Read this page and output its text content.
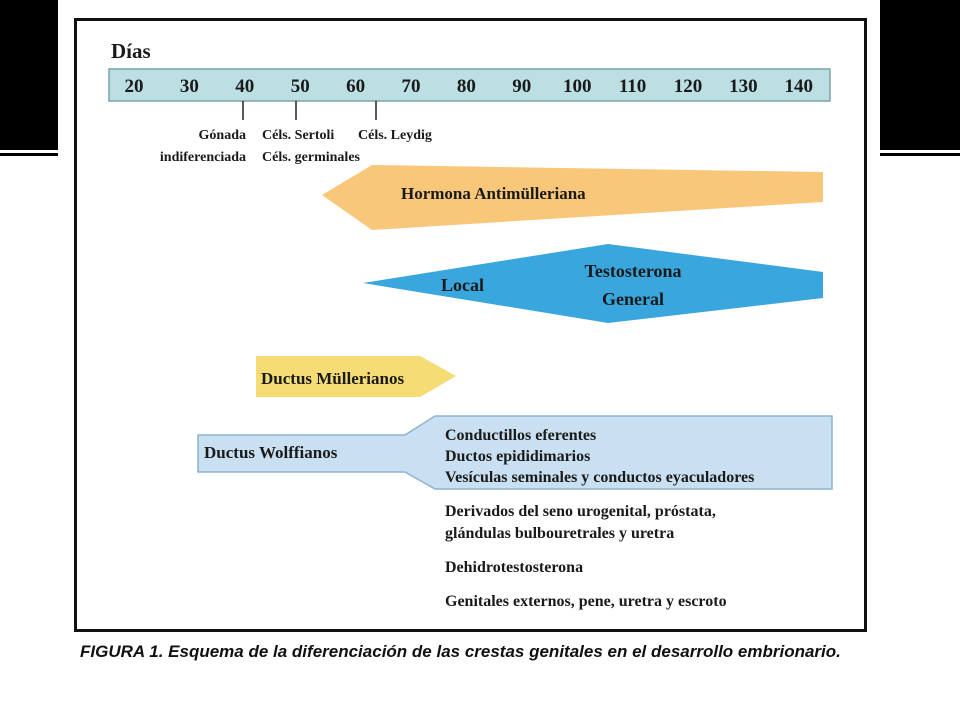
Días
20 30 40 50 60 70 80 90 100 110 120 130 140
Gónada
indiferenciada
Céls. Sertoli
Céls. germinales
Céls. Leydig
Hormona Antimülleriana
Local
Testosterona
General
Ductus Müllerianos
Ductus Wolffianos
Conductillos eferentes
Ductos epididimarios
Vesículas seminales y conductos eyaculadores
Derivados del seno urogenital, próstata,
glándulas bulbouretrales y uretra
Dehidrotestosterona
Genitales externos, pene, uretra y escroto
FIGURA 1. Esquema de la diferenciación de las crestas genitales en el desarrollo embrionario.
